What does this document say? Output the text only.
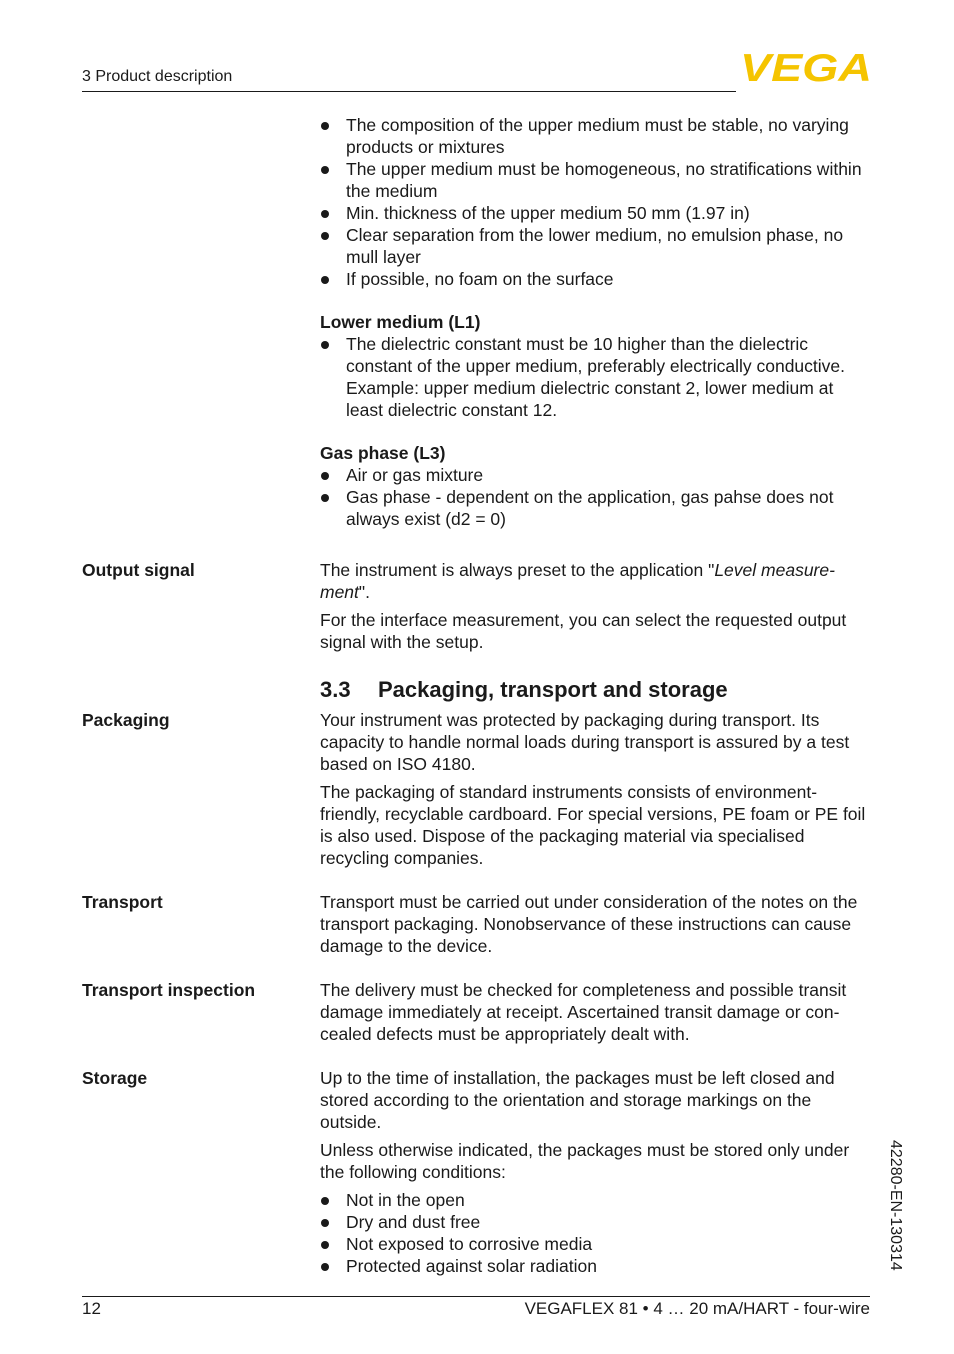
3 Product description	VEGA
The composition of the upper medium must be stable, no varying products or mixtures
The upper medium must be homogeneous, no stratifications within the medium
Min. thickness of the upper medium 50 mm (1.97 in)
Clear separation from the lower medium, no emulsion phase, no mull layer
If possible, no foam on the surface
Lower medium (L1)
The dielectric constant must be 10 higher than the dielectric constant of the upper medium, preferably electrically conductive. Example: upper medium dielectric constant 2, lower medium at least dielectric constant 12.
Gas phase (L3)
Air or gas mixture
Gas phase - dependent on the application, gas pahse does not always exist (d2 = 0)
Output signal	The instrument is always preset to the application "Level measure-ment".
For the interface measurement, you can select the requested output signal with the setup.
3.3 Packaging, transport and storage
Packaging	Your instrument was protected by packaging during transport. Its capacity to handle normal loads during transport is assured by a test based on ISO 4180.
The packaging of standard instruments consists of environment-friendly, recyclable cardboard. For special versions, PE foam or PE foil is also used. Dispose of the packaging material via specialised recycling companies.
Transport	Transport must be carried out under consideration of the notes on the transport packaging. Nonobservance of these instructions can cause damage to the device.
Transport inspection	The delivery must be checked for completeness and possible transit damage immediately at receipt. Ascertained transit damage or con-cealed defects must be appropriately dealt with.
Storage	Up to the time of installation, the packages must be left closed and stored according to the orientation and storage markings on the outside.
Unless otherwise indicated, the packages must be stored only under the following conditions:
Not in the open
Dry and dust free
Not exposed to corrosive media
Protected against solar radiation	42280-EN-130314
12	VEGAFLEX 81 • 4 … 20 mA/HART - four-wire
